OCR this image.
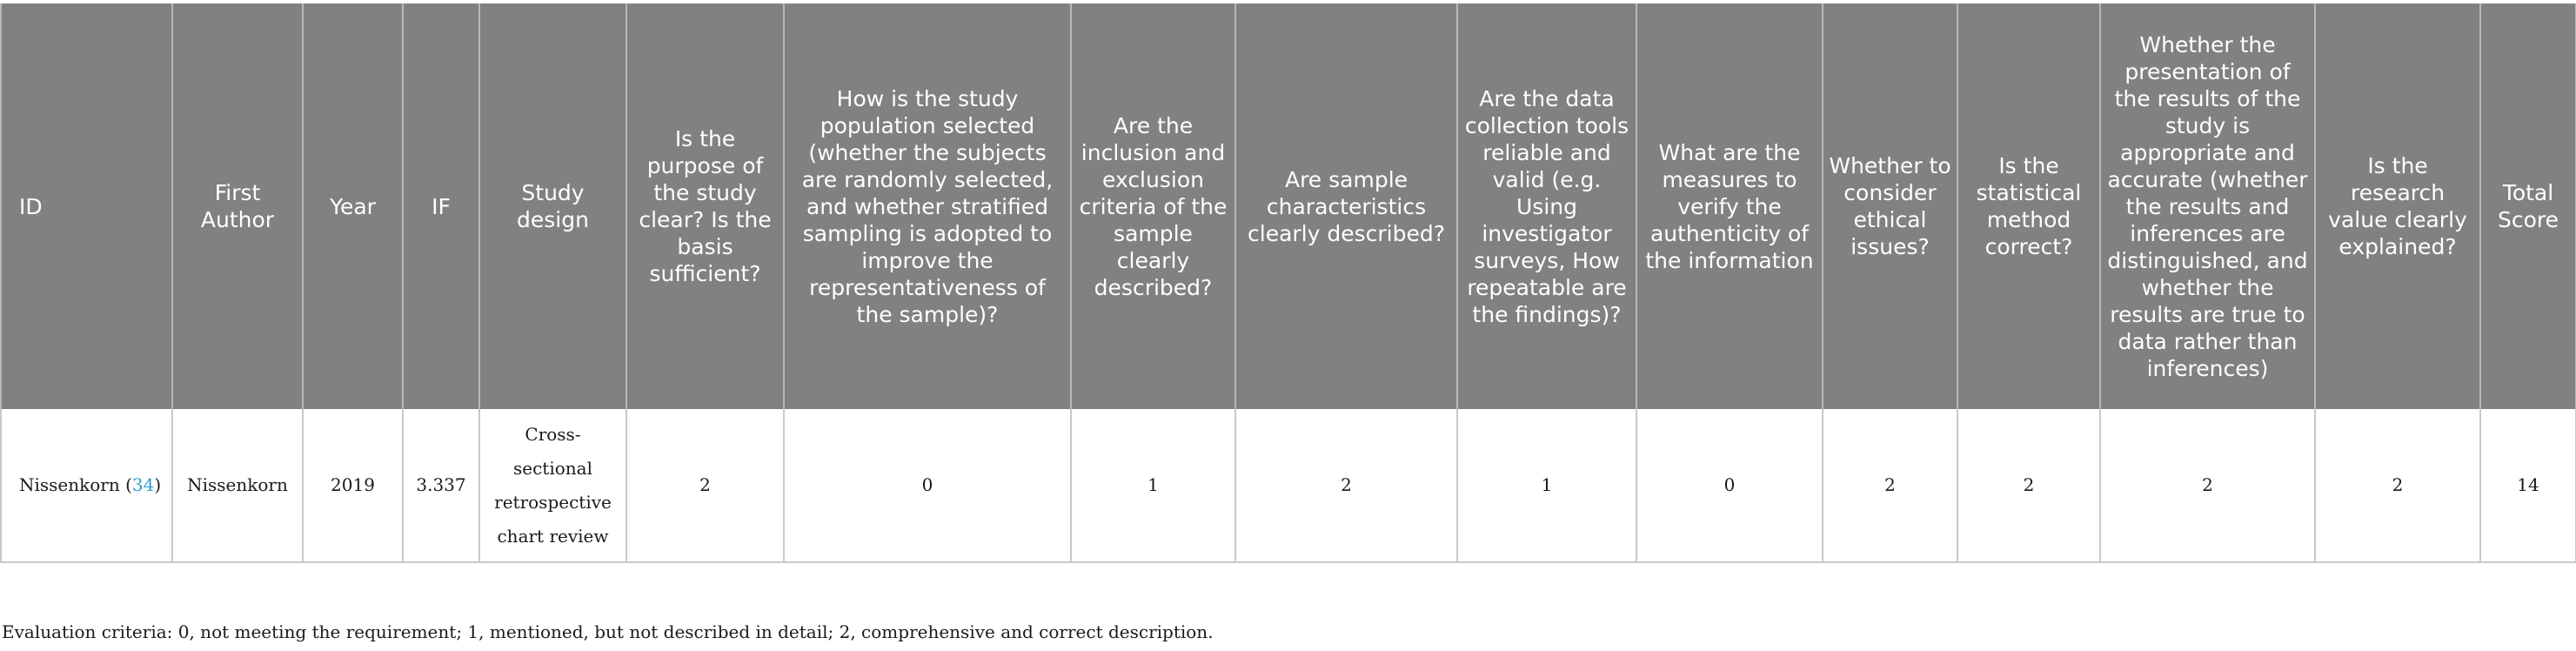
ID	First Author	Year	IF	Study design	Is the purpose of the study clear? Is the basis sufficient?	How is the study population selected (whether the subjects are randomly selected, and whether stratified sampling is adopted to improve the representativeness of the sample)?	Are the inclusion and exclusion criteria of the sample clearly described?	Are sample characteristics clearly described?	Are the data collection tools reliable and valid (e.g. Using investigator surveys, How repeatable are the findings)?	What are the measures to verify the authenticity of the information	Whether to consider ethical issues?	Is the statistical method correct?	Whether the presentation of the results of the study is appropriate and accurate (whether the results and inferences are distinguished, and whether the results are true to data rather than inferences)	Is the research value clearly explained?	Total Score
Nissenkorn (34)	Nissenkorn	2019	3.337	Cross-sectional retrospective chart review	2	0	1	2	1	0	2	2	2	2	14
Evaluation criteria: 0, not meeting the requirement; 1, mentioned, but not described in detail; 2, comprehensive and correct description.
